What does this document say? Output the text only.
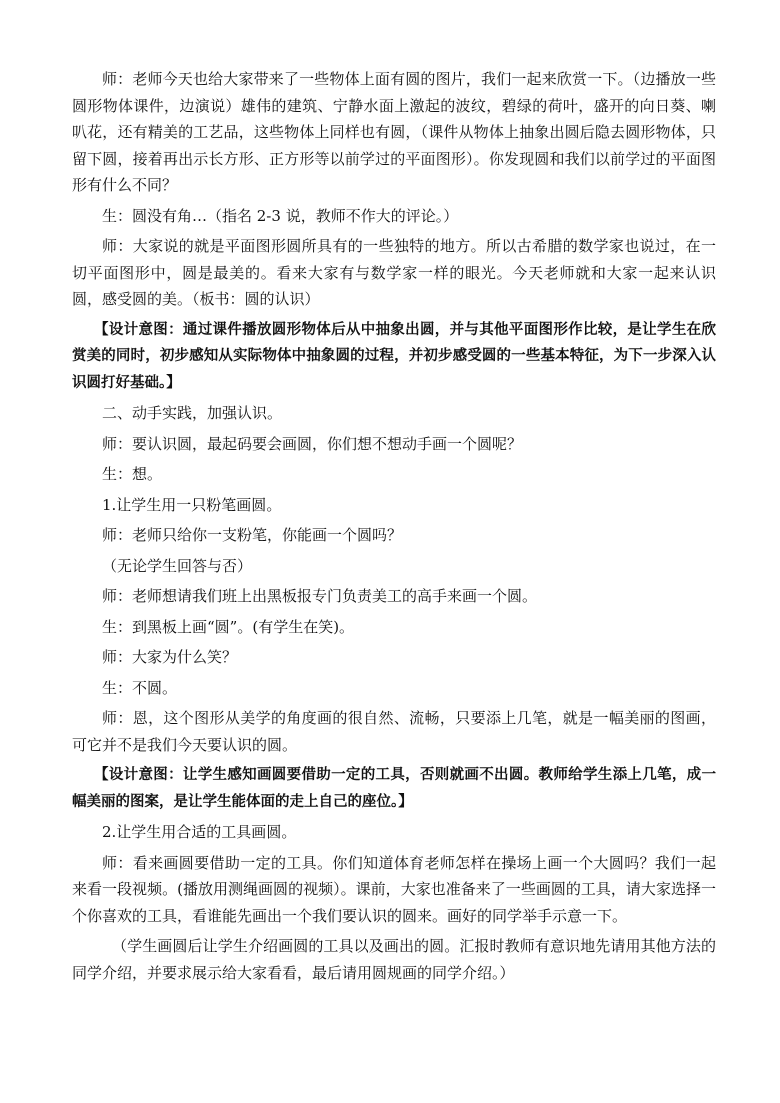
师：老师今天也给大家带来了一些物体上面有圆的图片，我们一起来欣赏一下。（边播放一些圆形物体课件，边演说）雄伟的建筑、宁静水面上激起的波纹，碧绿的荷叶，盛开的向日葵、喇叭花，还有精美的工艺品，这些物体上同样也有圆，（课件从物体上抽象出圆后隐去圆形物体，只留下圆，接着再出示长方形、正方形等以前学过的平面图形）。你发现圆和我们以前学过的平面图形有什么不同？

生：圆没有角…（指名 2-3 说，教师不作大的评论。）

师：大家说的就是平面图形圆所具有的一些独特的地方。所以古希腊的数学家也说过，在一切平面图形中，圆是最美的。看来大家有与数学家一样的眼光。今天老师就和大家一起来认识圆，感受圆的美。（板书：圆的认识）

【设计意图：通过课件播放圆形物体后从中抽象出圆，并与其他平面图形作比较，是让学生在欣赏美的同时，初步感知从实际物体中抽象圆的过程，并初步感受圆的一些基本特征，为下一步深入认识圆打好基础。】

二、动手实践，加强认识。

师：要认识圆，最起码要会画圆，你们想不想动手画一个圆呢？

生：想。

1.让学生用一只粉笔画圆。

师：老师只给你一支粉笔，你能画一个圆吗？

（无论学生回答与否）

师：老师想请我们班上出黑板报专门负责美工的高手来画一个圆。

生：到黑板上画“圆”。(有学生在笑)。

师：大家为什么笑？

生：不圆。

师：恩，这个图形从美学的角度画的很自然、流畅，只要添上几笔，就是一幅美丽的图画，可它并不是我们今天要认识的圆。

【设计意图：让学生感知画圆要借助一定的工具，否则就画不出圆。教师给学生添上几笔，成一幅美丽的图案，是让学生能体面的走上自己的座位。】

2.让学生用合适的工具画圆。

师：看来画圆要借助一定的工具。你们知道体育老师怎样在操场上画一个大圆吗？我们一起来看一段视频。(播放用测绳画圆的视频）。课前，大家也准备来了一些画圆的工具，请大家选择一个你喜欢的工具，看谁能先画出一个我们要认识的圆来。画好的同学举手示意一下。

（学生画圆后让学生介绍画圆的工具以及画出的圆。汇报时教师有意识地先请用其他方法的同学介绍，并要求展示给大家看看，最后请用圆规画的同学介绍。）
